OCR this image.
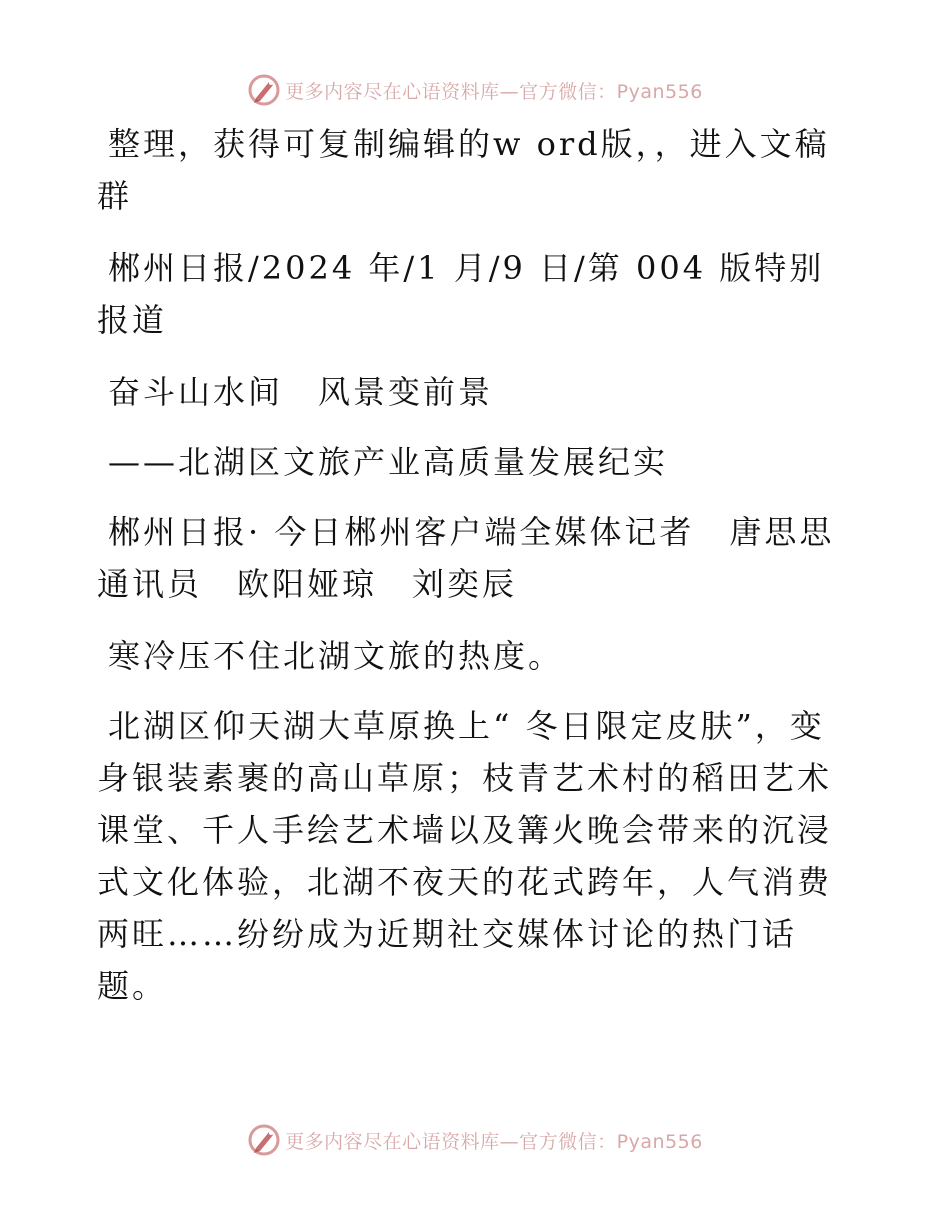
更多内容尽在心语资料库—官方微信：Pyan556

整理，获得可复制编辑的w ord版，，进入文稿群

郴州日报/2024 年/1 月/9 日/第 004 版特别报道

奋斗山水间　风景变前景

——北湖区文旅产业高质量发展纪实

郴州日报· 今日郴州客户端全媒体记者　唐思思　通讯员　欧阳娅琼　刘奕辰

寒冷压不住北湖文旅的热度。

北湖区仰天湖大草原换上“ 冬日限定皮肤”，变身银装素裹的高山草原；枝青艺术村的稻田艺术课堂、千人手绘艺术墙以及篝火晚会带来的沉浸式文化体验，北湖不夜天的花式跨年，人气消费两旺……纷纷成为近期社交媒体讨论的热门话题。

更多内容尽在心语资料库—官方微信：Pyan556
